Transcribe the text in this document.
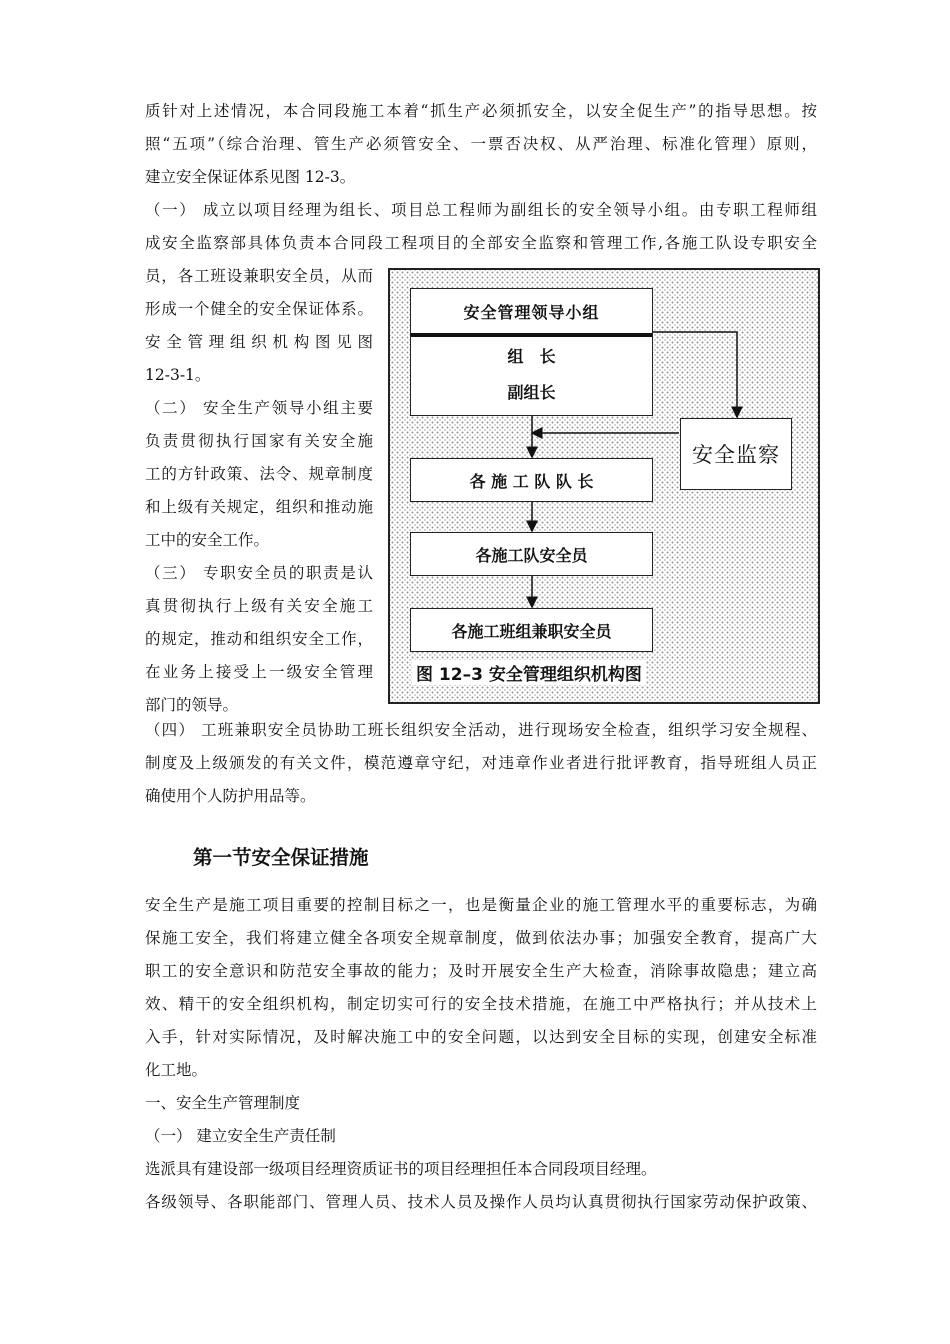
质针对上述情况，本合同段施工本着“抓生产必须抓安全，以安全促生产”的指导思想。按
照“五项”（综合治理、管生产必须管安全、一票否决权、从严治理、标准化管理）原则，
建立安全保证体系见图 12-3。
（一） 成立以项目经理为组长、项目总工程师为副组长的安全领导小组。由专职工程师组
成安全监察部具体负责本合同段工程项目的全部安全监察和管理工作,各施工队设专职安全
员，各工班设兼职安全员，从而
形成一个健全的安全保证体系。
安全管理组织机构图见图
12-3-1。
（二） 安全生产领导小组主要
负责贯彻执行国家有关安全施
工的方针政策、法令、规章制度
和上级有关规定，组织和推动施
工中的安全工作。
（三） 专职安全员的职责是认
真贯彻执行上级有关安全施工
的规定，推动和组织安全工作，
在业务上接受上一级安全管理
部门的领导。
安全管理领导小组
组　长
副组长
安全监察
各 施 工 队 队 长
各施工队安全员
各施工班组兼职安全员
图 12–3 安全管理组织机构图
（四） 工班兼职安全员协助工班长组织安全活动，进行现场安全检查，组织学习安全规程、
制度及上级颁发的有关文件，模范遵章守纪，对违章作业者进行批评教育，指导班组人员正
确使用个人防护用品等。
第一节安全保证措施
安全生产是施工项目重要的控制目标之一，也是衡量企业的施工管理水平的重要标志，为确
保施工安全，我们将建立健全各项安全规章制度，做到依法办事；加强安全教育，提高广大
职工的安全意识和防范安全事故的能力；及时开展安全生产大检查，消除事故隐患；建立高
效、精干的安全组织机构，制定切实可行的安全技术措施，在施工中严格执行；并从技术上
入手，针对实际情况，及时解决施工中的安全问题，以达到安全目标的实现，创建安全标准
化工地。
一、安全生产管理制度
（一） 建立安全生产责任制
选派具有建设部一级项目经理资质证书的项目经理担任本合同段项目经理。
各级领导、各职能部门、管理人员、技术人员及操作人员均认真贯彻执行国家劳动保护政策、
